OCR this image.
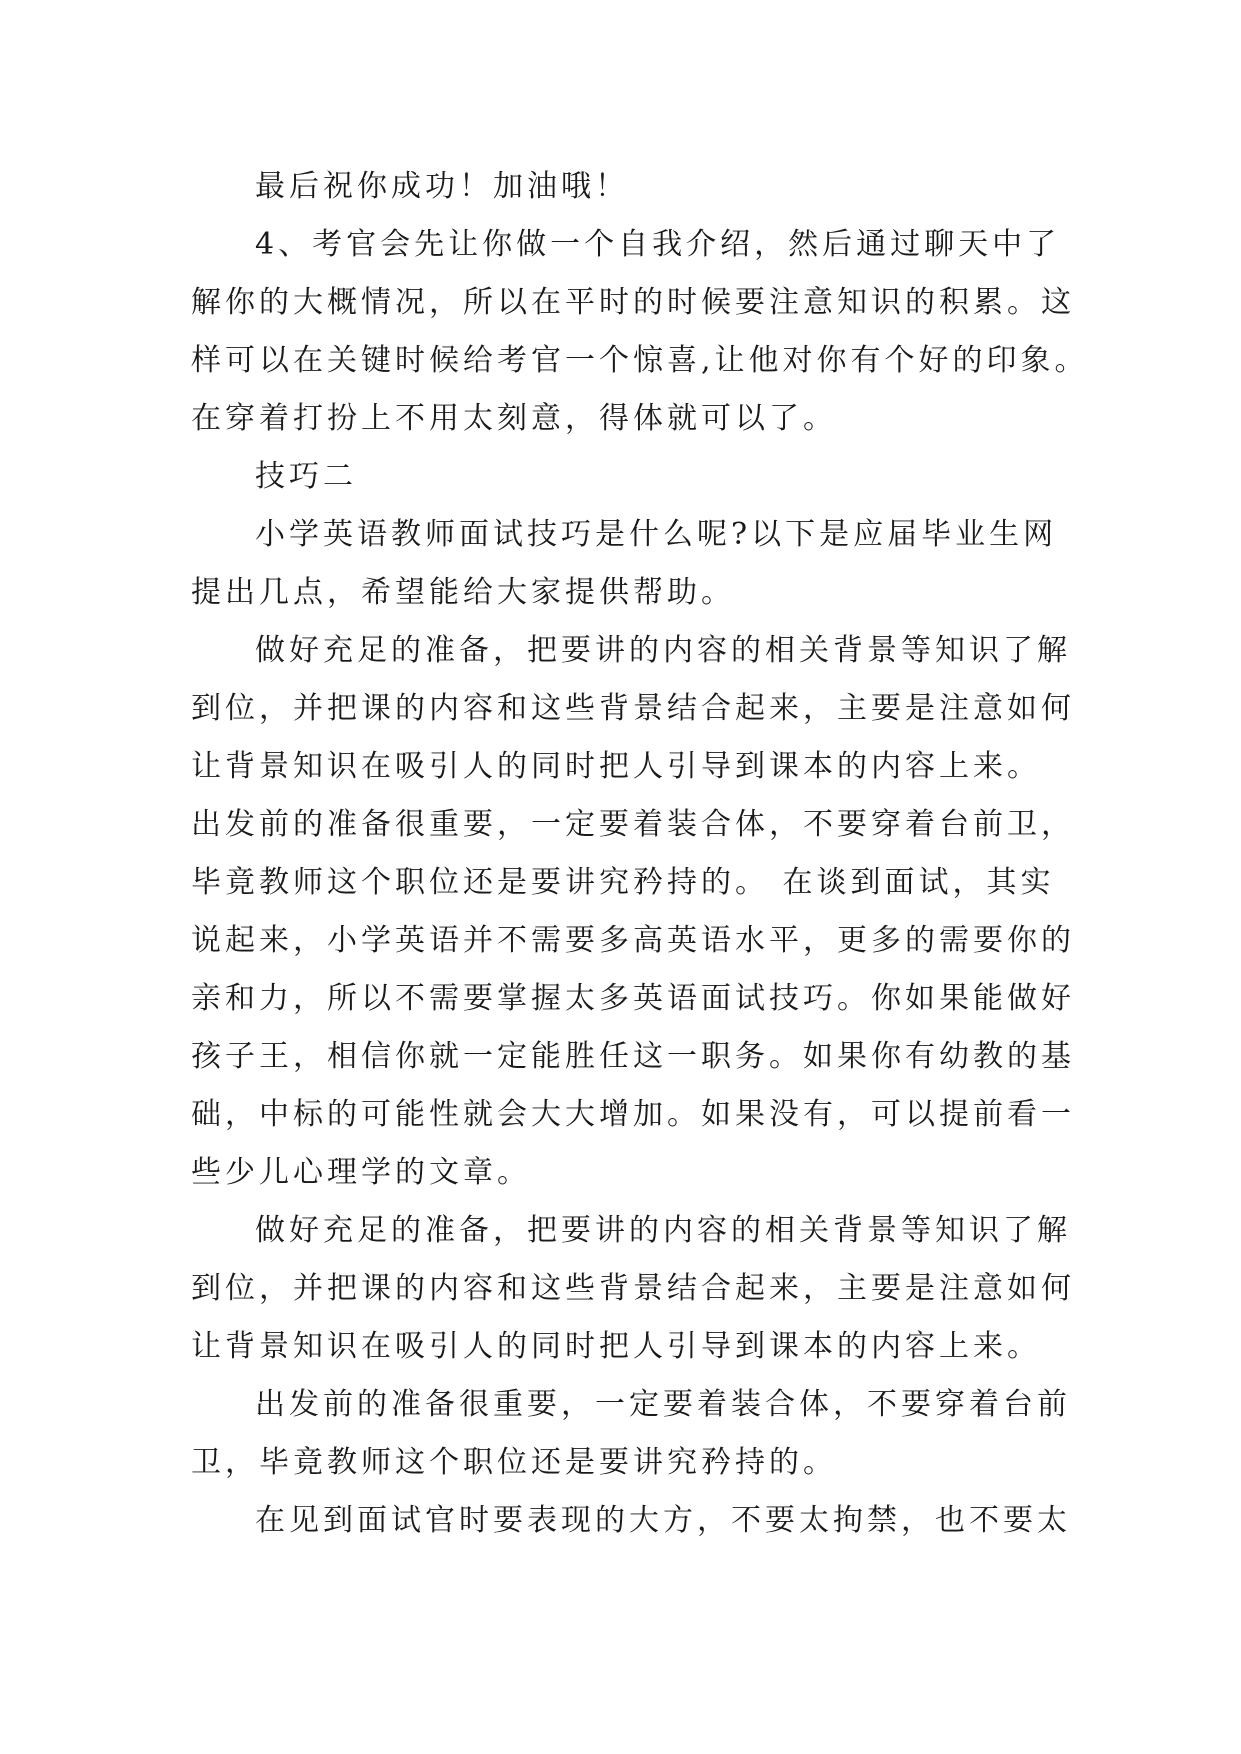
最后祝你成功！加油哦！
4、考官会先让你做一个自我介绍，然后通过聊天中了
解你的大概情况，所以在平时的时候要注意知识的积累。这
样可以在关键时候给考官一个惊喜,让他对你有个好的印象。
在穿着打扮上不用太刻意，得体就可以了。
技巧二
小学英语教师面试技巧是什么呢?以下是应届毕业生网
提出几点，希望能给大家提供帮助。
做好充足的准备，把要讲的内容的相关背景等知识了解
到位，并把课的内容和这些背景结合起来，主要是注意如何
让背景知识在吸引人的同时把人引导到课本的内容上来。
出发前的准备很重要，一定要着装合体，不要穿着台前卫，
毕竟教师这个职位还是要讲究矜持的。 在谈到面试，其实
说起来，小学英语并不需要多高英语水平，更多的需要你的
亲和力，所以不需要掌握太多英语面试技巧。你如果能做好
孩子王，相信你就一定能胜任这一职务。如果你有幼教的基
础，中标的可能性就会大大增加。如果没有，可以提前看一
些少儿心理学的文章。
做好充足的准备，把要讲的内容的相关背景等知识了解
到位，并把课的内容和这些背景结合起来，主要是注意如何
让背景知识在吸引人的同时把人引导到课本的内容上来。
出发前的准备很重要，一定要着装合体，不要穿着台前
卫，毕竟教师这个职位还是要讲究矜持的。
在见到面试官时要表现的大方，不要太拘禁，也不要太
